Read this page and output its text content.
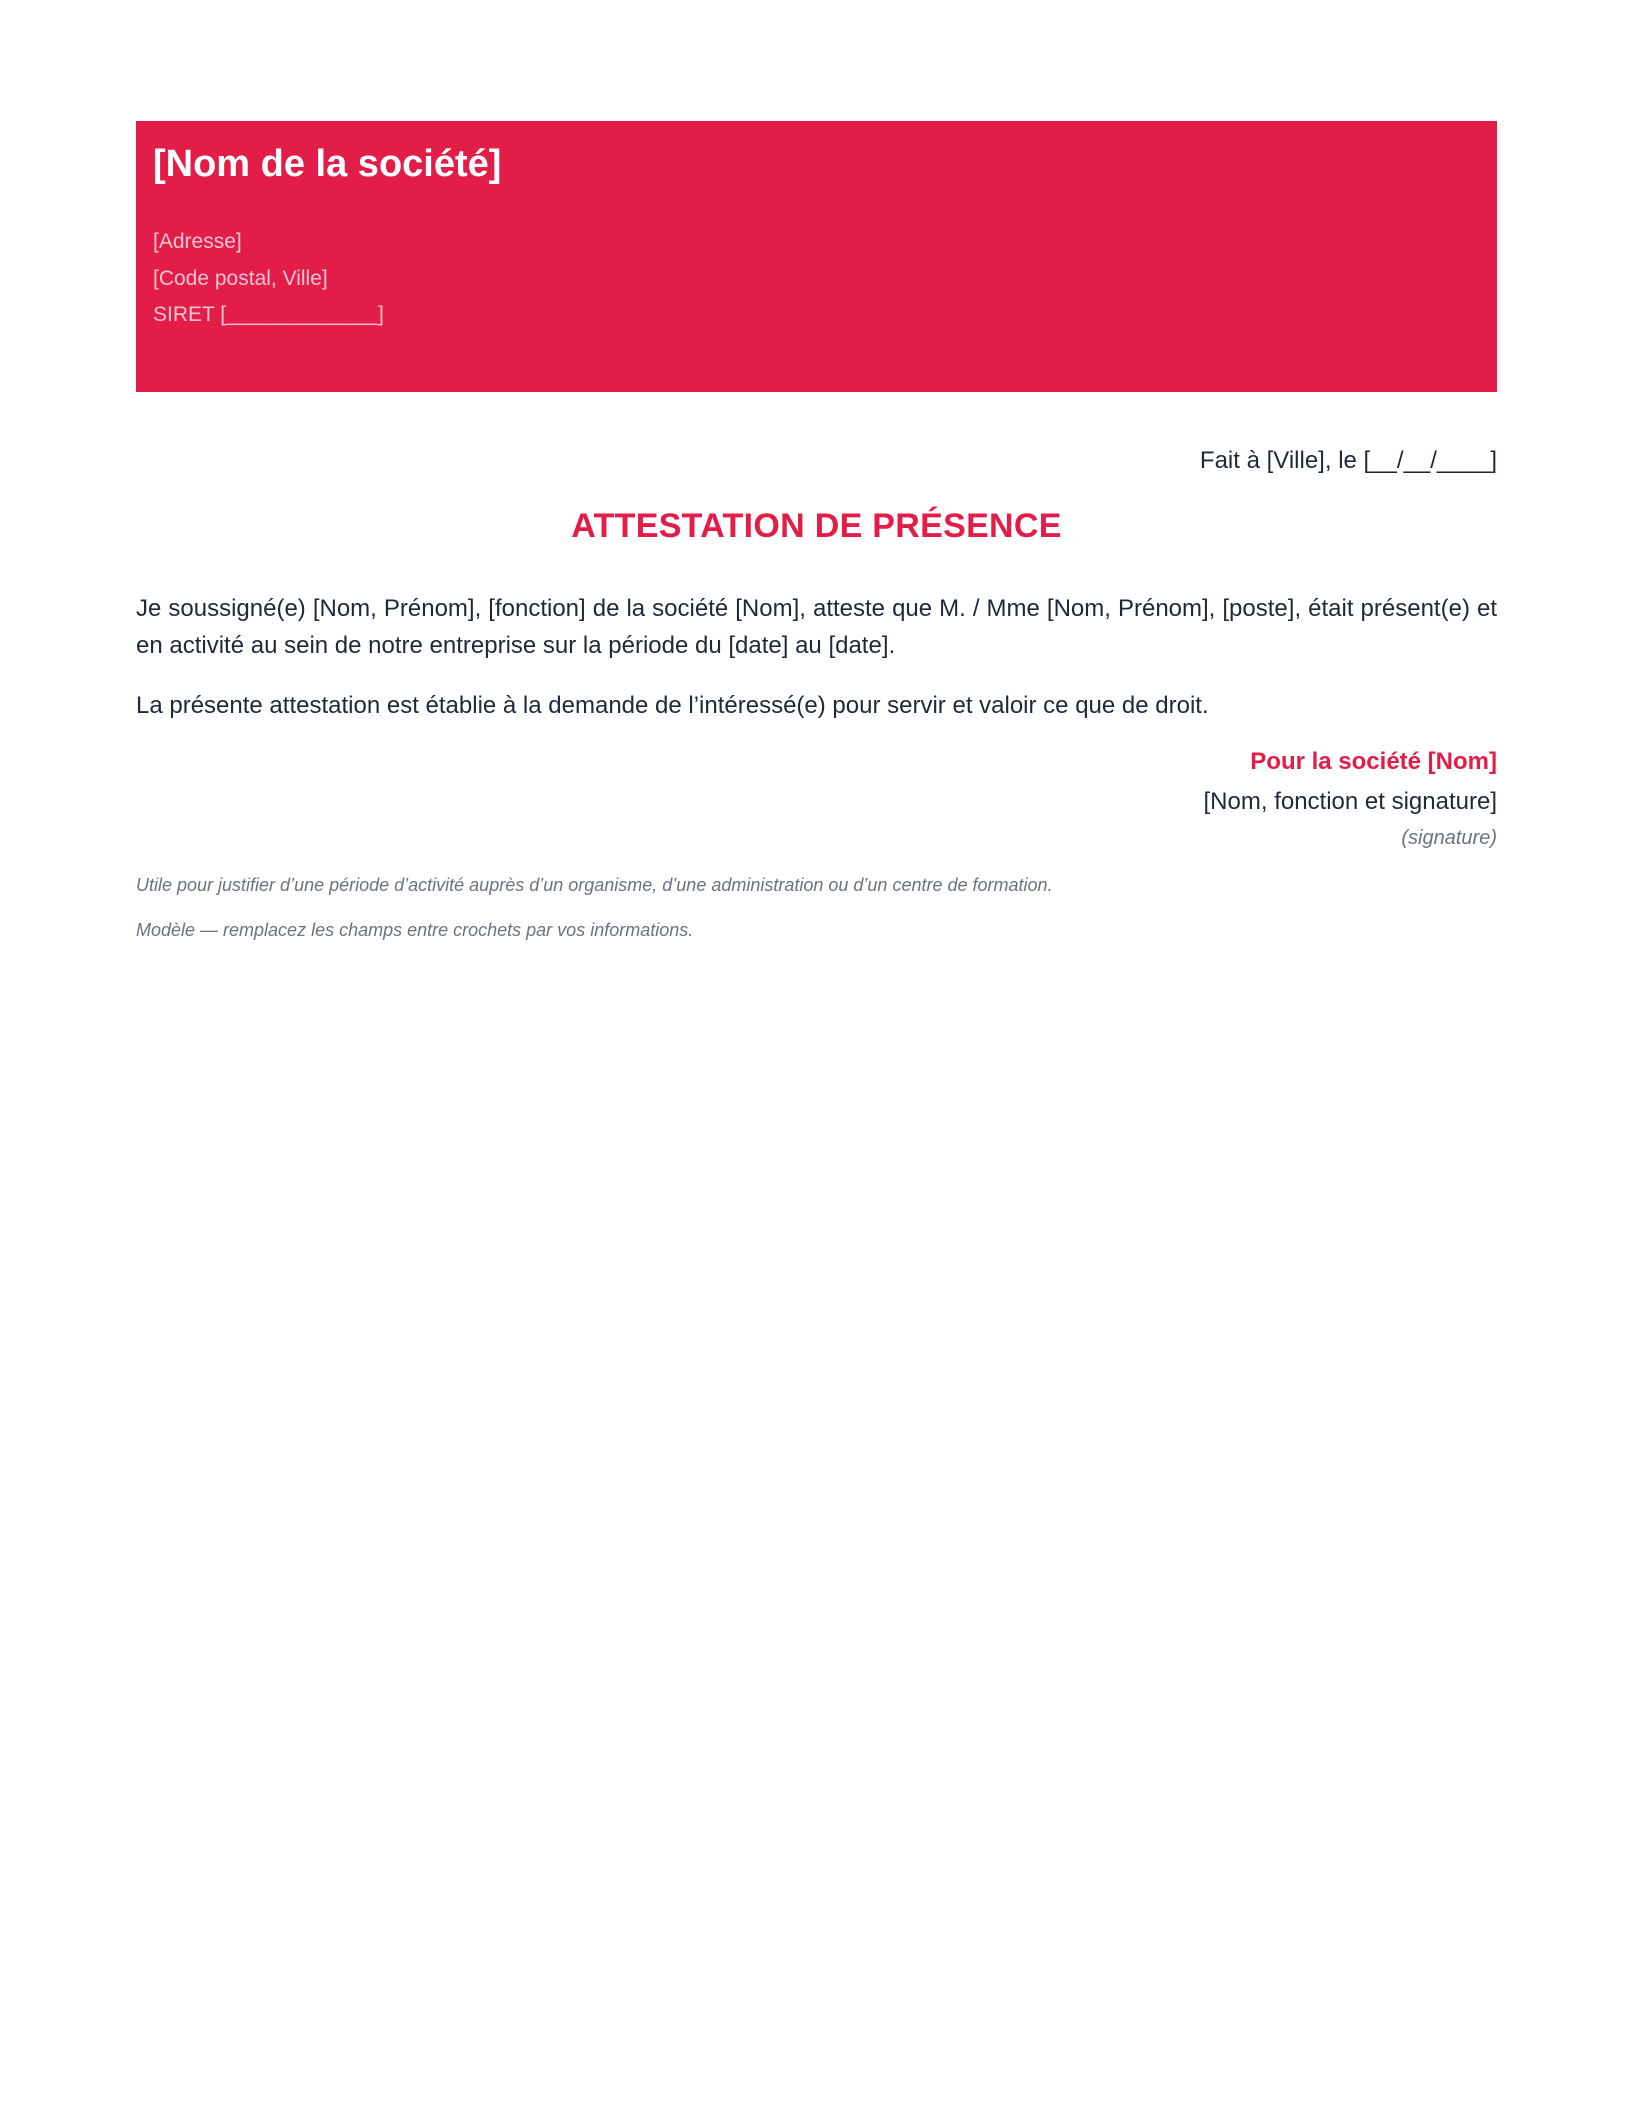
[Nom de la société]
[Adresse]
[Code postal, Ville]
SIRET [_____________]
Fait à [Ville], le [__/__/____]
ATTESTATION DE PRÉSENCE

Je soussigné(e) [Nom, Prénom], [fonction] de la société [Nom], atteste que M. / Mme [Nom, Prénom], [poste], était présent(e) et en activité au sein de notre entreprise sur la période du [date] au [date].

La présente attestation est établie à la demande de l’intéressé(e) pour servir et valoir ce que de droit.

Pour la société [Nom]
[Nom, fonction et signature]
(signature)
Utile pour justifier d’une période d’activité auprès d’un organisme, d’une administration ou d’un centre de formation.
Modèle — remplacez les champs entre crochets par vos informations.
